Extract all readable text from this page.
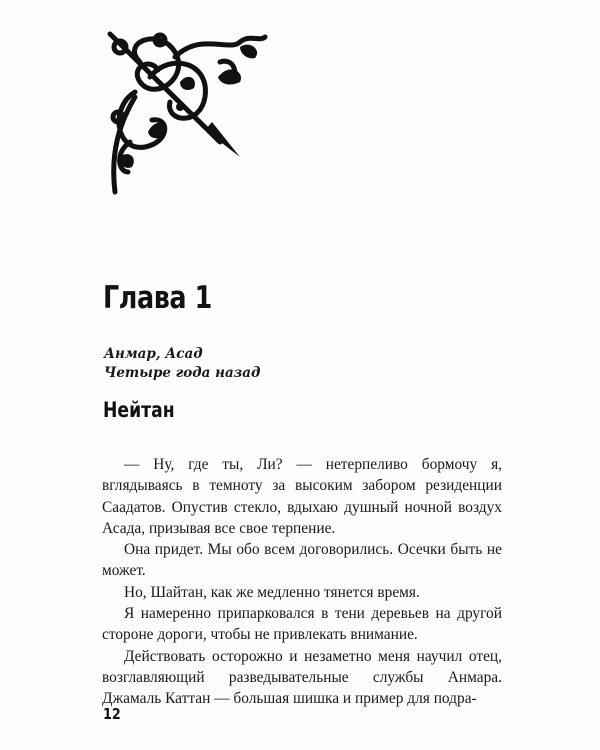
Глава 1
Анмар, Асад
Четыре года назад
Нейтан

— Ну, где ты, Ли? — нетерпеливо бормочу я, вглядываясь в темноту за высоким забором резиденции Саадатов. Опустив стекло, вдыхаю душный ночной воздух Асада, призывая все свое терпение.

Она придет. Мы обо всем договорились. Осечки быть не может.

Но, Шайтан, как же медленно тянется время.

Я намеренно припарковался в тени деревьев на другой стороне дороги, чтобы не привлекать внимание.

Действовать осторожно и незаметно меня научил отец, возглавляющий разведывательные службы Анмара. Джамаль Каттан — большая шишка и пример для подра-

12
